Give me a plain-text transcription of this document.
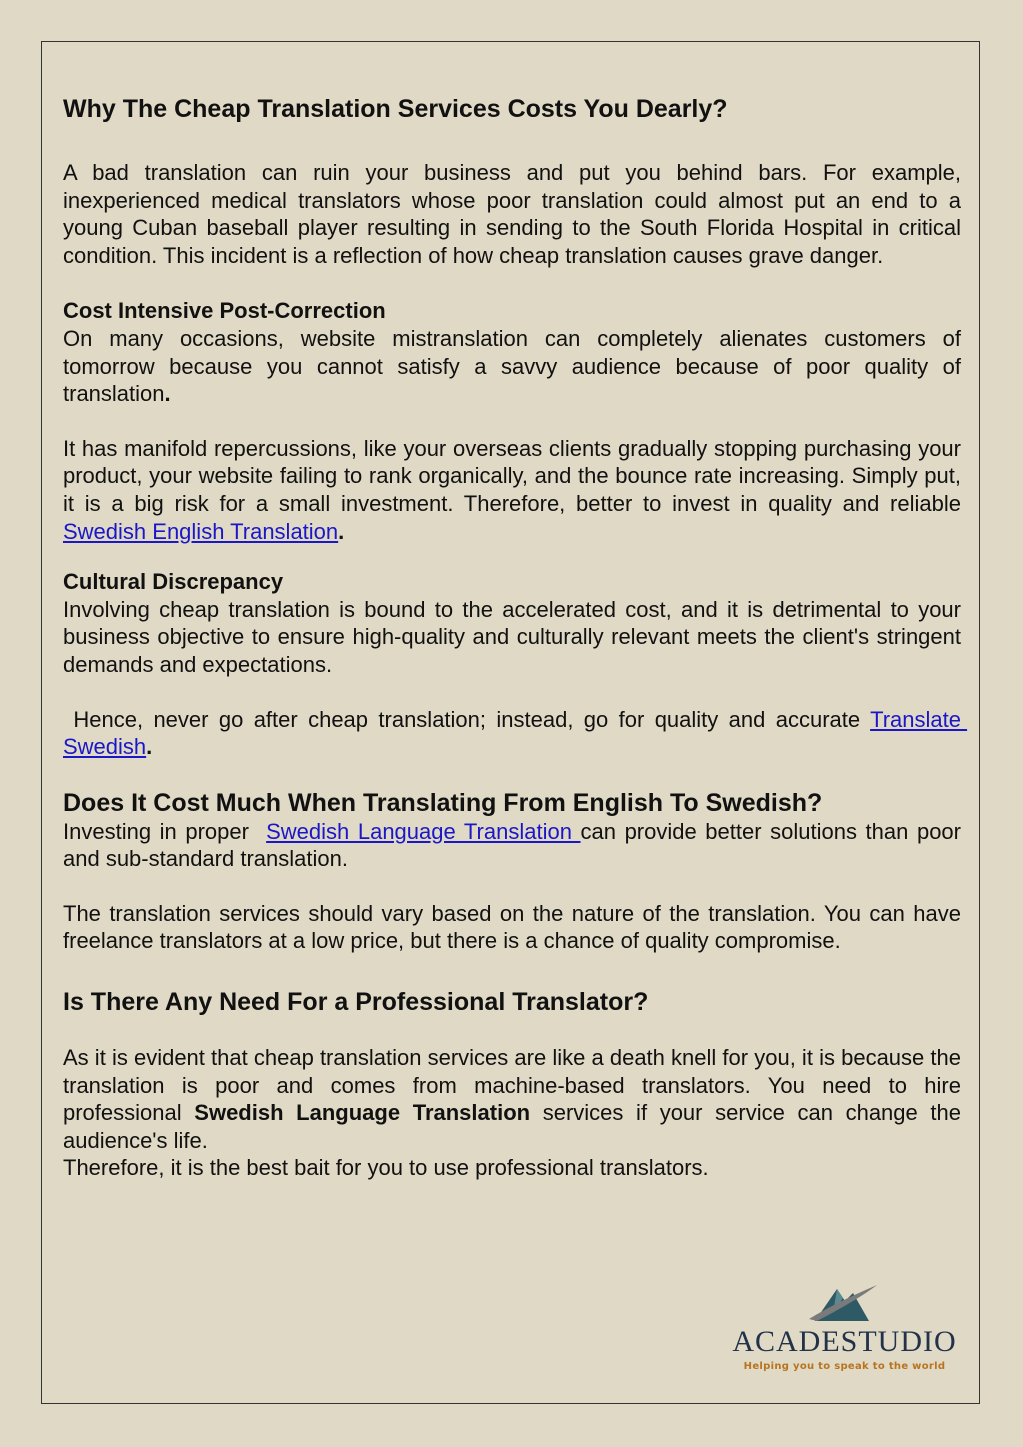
Why The Cheap Translation Services Costs You Dearly?

A bad translation can ruin your business and put you behind bars. For example, inexperienced medical translators whose poor translation could almost put an end to a young Cuban baseball player resulting in sending to the South Florida Hospital in critical condition. This incident is a reflection of how cheap translation causes grave danger.

Cost Intensive Post-Correction

On many occasions, website mistranslation can completely alienates customers of tomorrow because you cannot satisfy a savvy audience because of poor quality of translation.

It has manifold repercussions, like your overseas clients gradually stopping purchasing your product, your website failing to rank organically, and the bounce rate increasing. Simply put, it is a big risk for a small investment. Therefore, better to invest in quality and reliable Swedish English Translation.

Cultural Discrepancy

Involving cheap translation is bound to the accelerated cost, and it is detrimental to your business objective to ensure high-quality and culturally relevant meets the client's stringent demands and expectations.

Hence, never go after cheap translation; instead, go for quality and accurate Translate Swedish.

Does It Cost Much When Translating From English To Swedish?

Investing in proper  Swedish Language Translation can provide better solutions than poor and sub-standard translation.

The translation services should vary based on the nature of the translation. You can have freelance translators at a low price, but there is a chance of quality compromise.

Is There Any Need For a Professional Translator?

As it is evident that cheap translation services are like a death knell for you, it is because the translation is poor and comes from machine-based translators. You need to hire professional Swedish Language Translation services if your service can change the audience's life.

Therefore, it is the best bait for you to use professional translators.

ACADESTUDIO
Helping you to speak to the world
